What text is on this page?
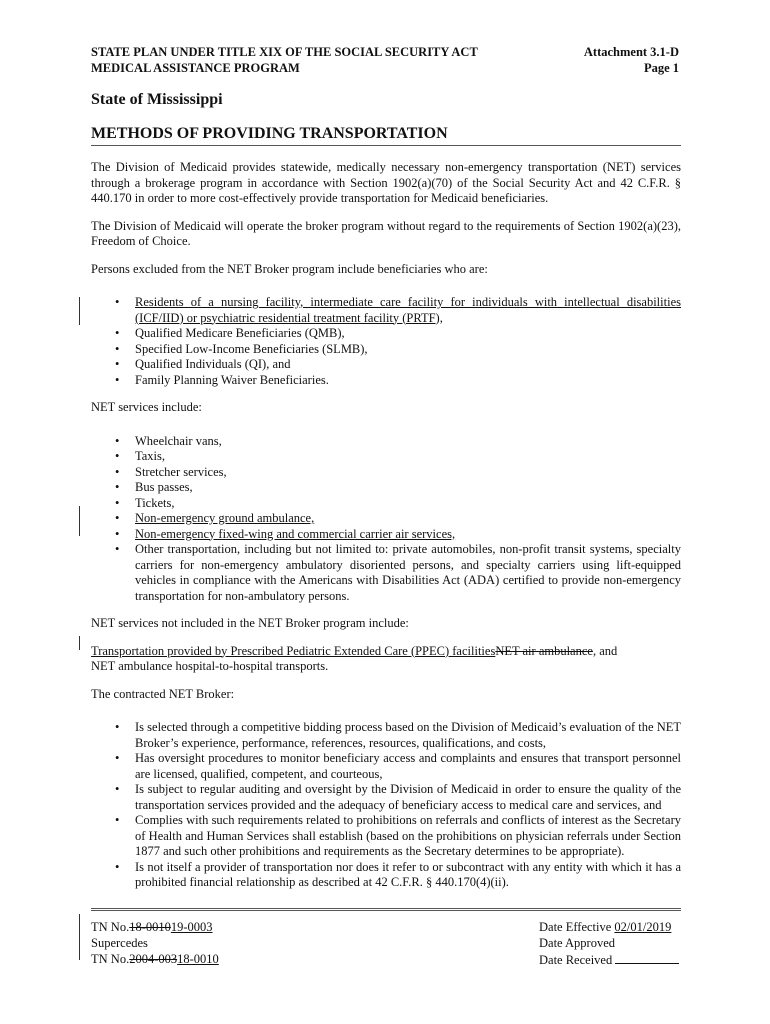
STATE PLAN UNDER TITLE XIX OF THE SOCIAL SECURITY ACT
MEDICAL ASSISTANCE PROGRAM
Attachment 3.1-D
Page 1
State of Mississippi
METHODS OF PROVIDING TRANSPORTATION

The Division of Medicaid provides statewide, medically necessary non-emergency transportation (NET) services through a brokerage program in accordance with Section 1902(a)(70) of the Social Security Act and 42 C.F.R. § 440.170 in order to more cost-effectively provide transportation for Medicaid beneficiaries.

The Division of Medicaid will operate the broker program without regard to the requirements of Section 1902(a)(23), Freedom of Choice.

Persons excluded from the NET Broker program include beneficiaries who are:

• Residents of a nursing facility, intermediate care facility for individuals with intellectual disabilities (ICF/IID) or psychiatric residential treatment facility (PRTF),
• Qualified Medicare Beneficiaries (QMB),
• Specified Low-Income Beneficiaries (SLMB),
• Qualified Individuals (QI), and
• Family Planning Waiver Beneficiaries.

NET services include:

• Wheelchair vans,
• Taxis,
• Stretcher services,
• Bus passes,
• Tickets,
• Non-emergency ground ambulance,
• Non-emergency fixed-wing and commercial carrier air services,
• Other transportation, including but not limited to: private automobiles, non-profit transit systems, specialty carriers for non-emergency ambulatory disoriented persons, and specialty carriers using lift-equipped vehicles in compliance with the Americans with Disabilities Act (ADA) certified to provide non-emergency transportation for non-ambulatory persons.

NET services not included in the NET Broker program include:

Transportation provided by Prescribed Pediatric Extended Care (PPEC) facilitiesNET air ambulance, and
NET ambulance hospital-to-hospital transports.

The contracted NET Broker:

• Is selected through a competitive bidding process based on the Division of Medicaid’s evaluation of the NET Broker’s experience, performance, references, resources, qualifications, and costs,
• Has oversight procedures to monitor beneficiary access and complaints and ensures that transport personnel are licensed, qualified, competent, and courteous,
• Is subject to regular auditing and oversight by the Division of Medicaid in order to ensure the quality of the transportation services provided and the adequacy of beneficiary access to medical care and services, and
• Complies with such requirements related to prohibitions on referrals and conflicts of interest as the Secretary of Health and Human Services shall establish (based on the prohibitions on physician referrals under Section 1877 and such other prohibitions and requirements as the Secretary determines to be appropriate).
• Is not itself a provider of transportation nor does it refer to or subcontract with any entity with which it has a prohibited financial relationship as described at 42 C.F.R. § 440.170(4)(ii).
TN No.18-001019-0003
Supercedes
TN No.2004-00318-0010
Date Effective 02/01/2019
Date Approved
Date Received
